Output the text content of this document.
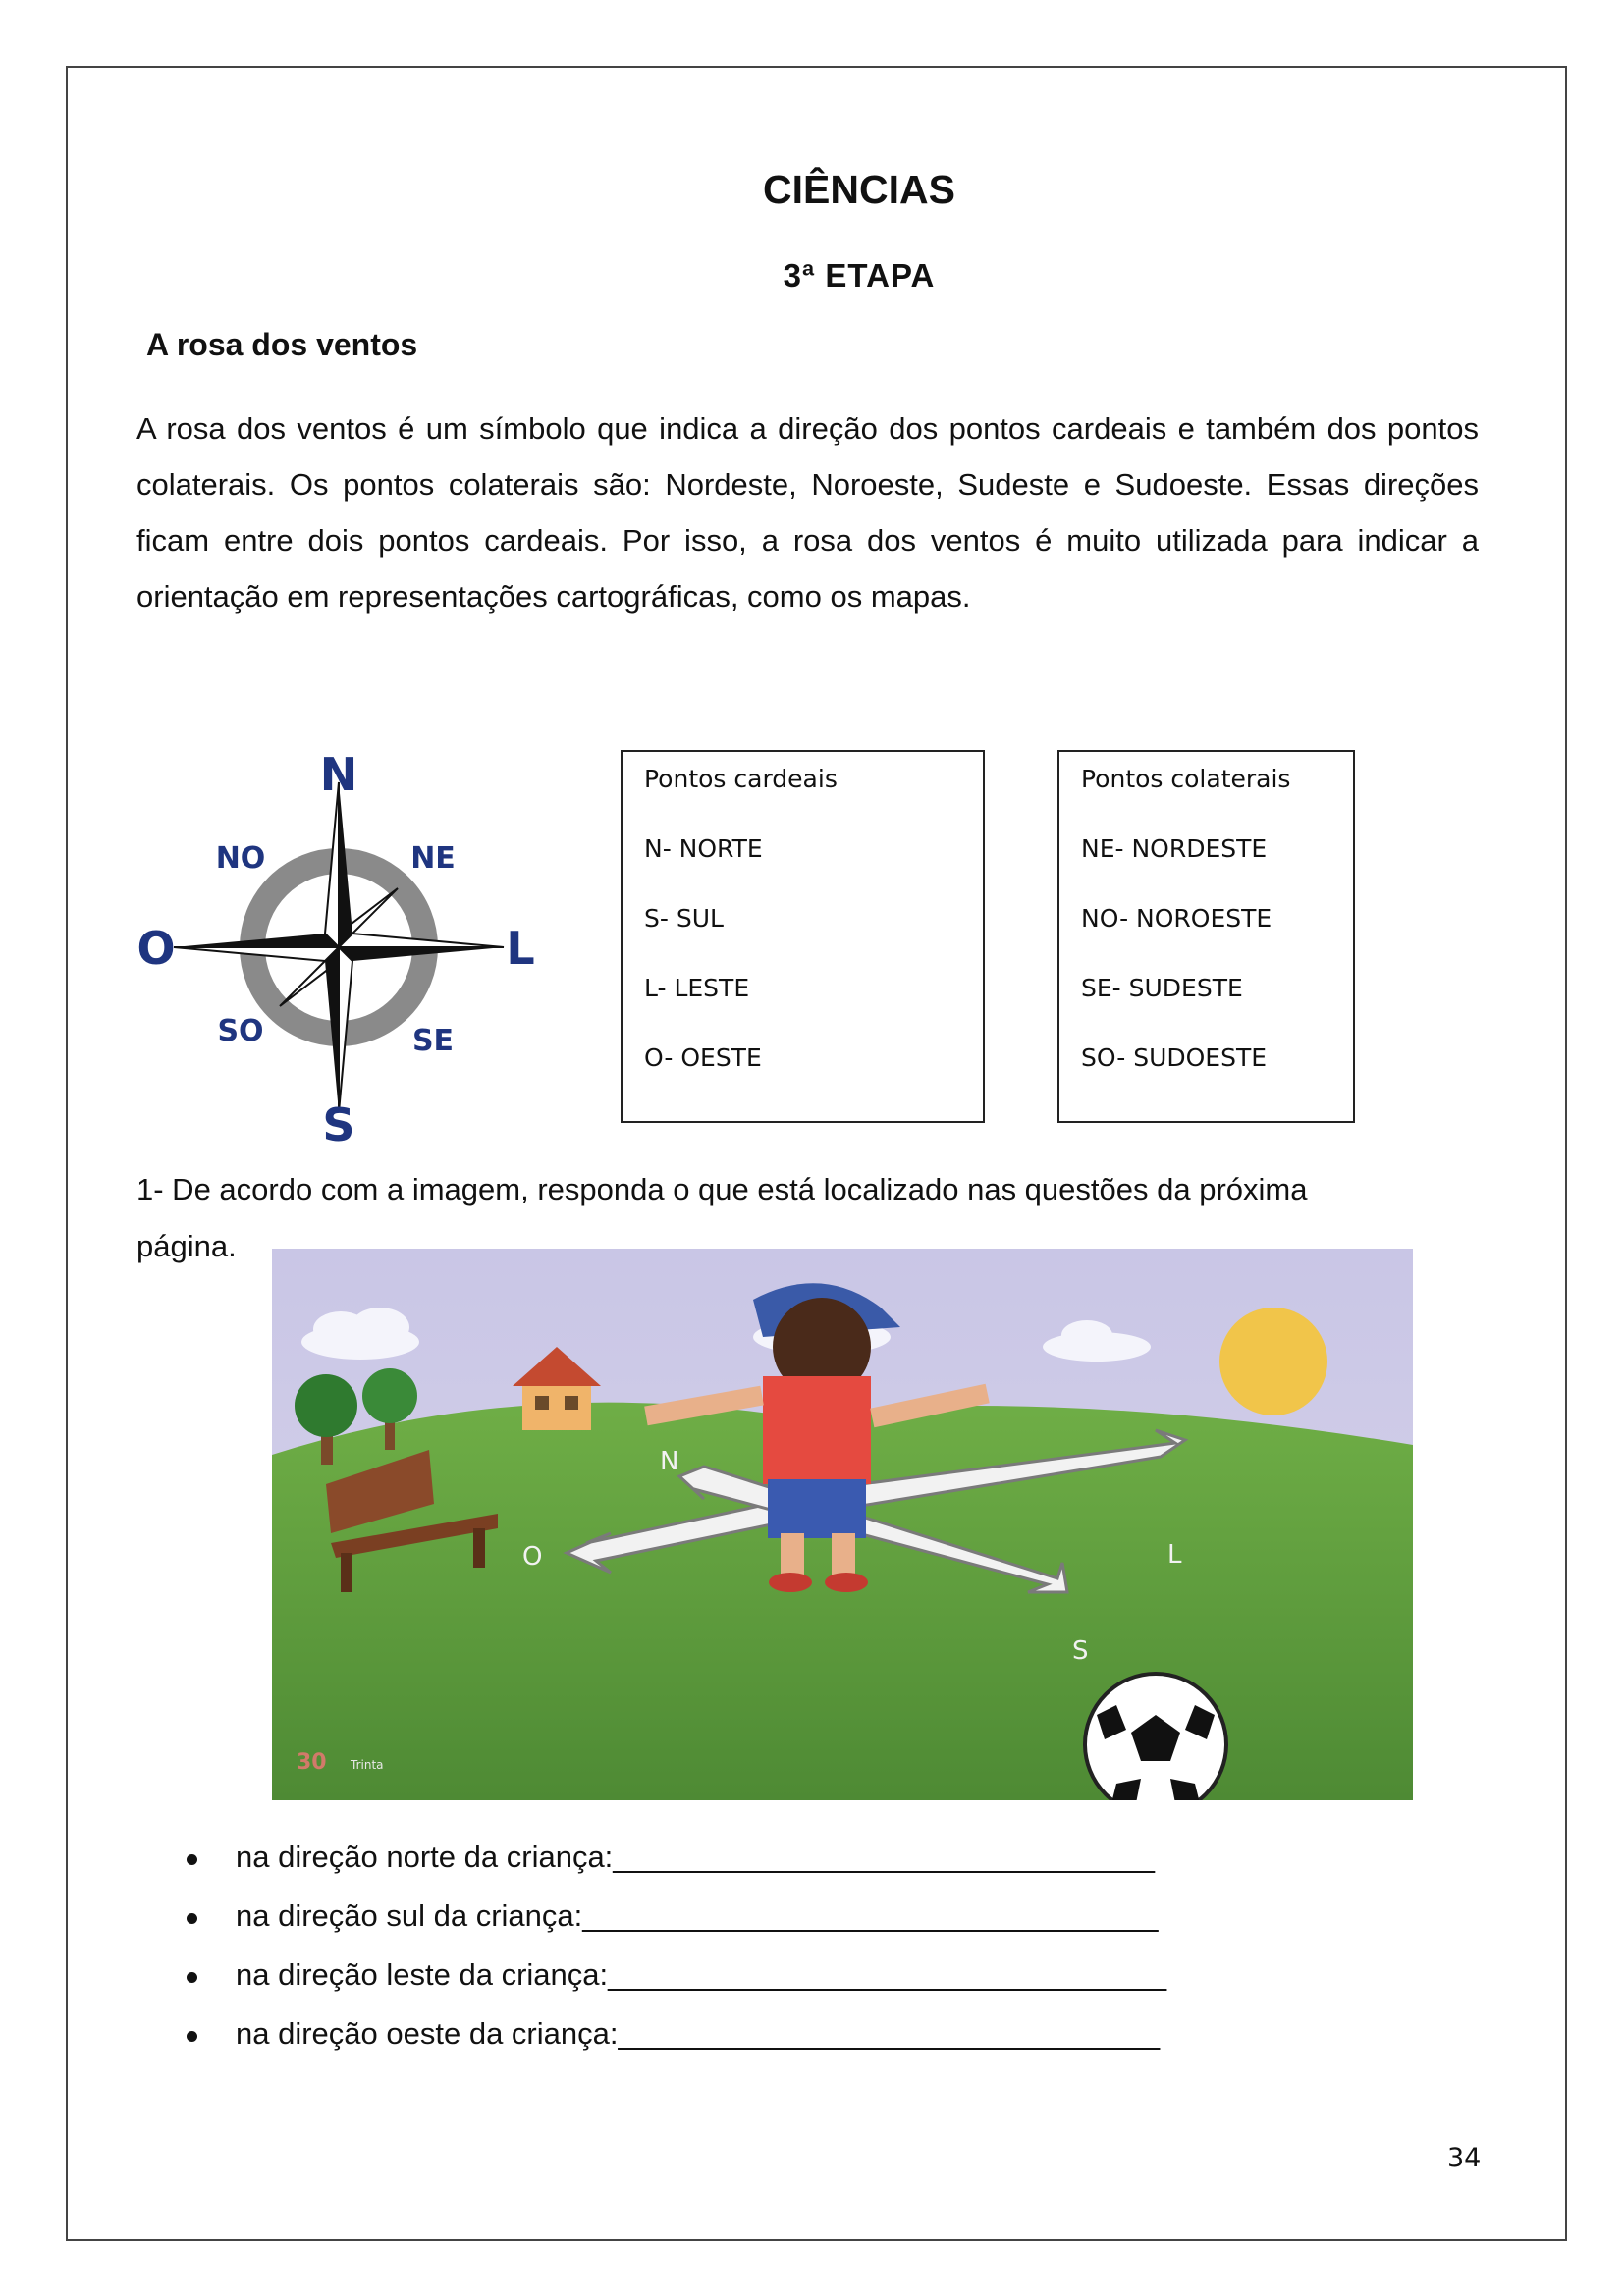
CIÊNCIAS
3ª ETAPA
A rosa dos ventos
A rosa dos ventos é um símbolo que indica a direção dos pontos cardeais e também dos pontos colaterais. Os pontos colaterais são: Nordeste, Noroeste, Sudeste e Sudoeste. Essas direções ficam entre dois pontos cardeais. Por isso, a rosa dos ventos é muito utilizada para indicar a orientação em representações cartográficas, como os mapas.
N
S
L
O
NE
NO
SE
SO
Pontos cardeais
N- NORTE
S- SUL
L- LESTE
O- OESTE
Pontos colaterais
NE- NORDESTE
NO- NOROESTE
SE- SUDESTE
SO- SUDOESTE
1- De acordo com a imagem, responda o que está localizado nas questões da próxima página.
N
L
O
S
30 Trinta
na direção norte da criança:________________________________
na direção sul da criança:__________________________________
na direção leste da criança:_________________________________
na direção oeste da criança:________________________________
34
